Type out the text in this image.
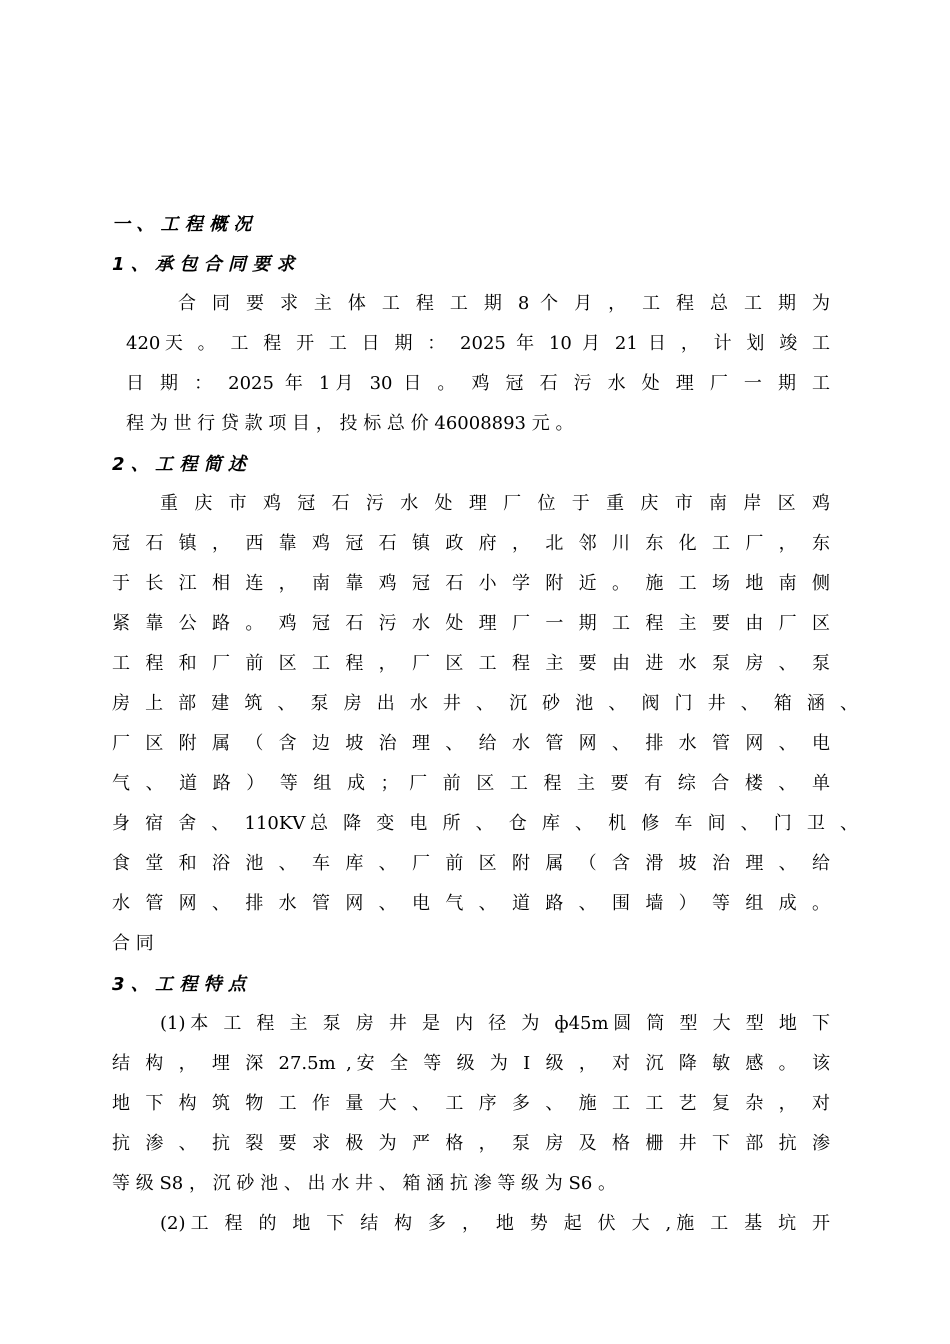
一 、 工 程 概 况
1 、 承 包 合 同 要 求
合 同 要 求 主 体 工 程 工 期 8 个 月 ， 工 程 总 工 期 为
420天 。 工 程 开 工 日 期 ： 2025 年 10 月 21 日 ， 计 划 竣 工
日 期 ： 2025 年 1月 30 日 。 鸡 冠 石 污 水 处 理 厂 一 期 工
程 为 世 行 贷 款 项 目 ， 投 标 总 价 46008893 元 。
2 、 工 程 简 述
重 庆 市 鸡 冠 石 污 水 处 理 厂 位 于 重 庆 市 南 岸 区 鸡
冠 石 镇 ， 西 靠 鸡 冠 石 镇 政 府 ， 北 邻 川 东 化 工 厂 ， 东
于 长 江 相 连 ， 南 靠 鸡 冠 石 小 学 附 近 。 施 工 场 地 南 侧
紧 靠 公 路 。 鸡 冠 石 污 水 处 理 厂 一 期 工 程 主 要 由 厂 区
工 程 和 厂 前 区 工 程 ， 厂 区 工 程 主 要 由 进 水 泵 房 、 泵
房 上 部 建 筑 、 泵 房 出 水 井 、 沉 砂 池 、 阀 门 井 、 箱 涵 、
厂 区 附 属 （ 含 边 坡 治 理 、 给 水 管 网 、 排 水 管 网 、 电
气 、 道 路 ） 等 组 成 ； 厂 前 区 工 程 主 要 有 综 合 楼 、 单
身 宿 舍 、 110KV总 降 变 电 所 、 仓 库 、 机 修 车 间 、 门 卫 、
食 堂 和 浴 池 、 车 库 、 厂 前 区 附 属 （ 含 滑 坡 治 理 、 给
水 管 网 、 排 水 管 网 、 电 气 、 道 路 、 围 墙 ） 等 组 成 。
合 同
3 、 工 程 特 点
(1)本 工 程 主 泵 房 井 是 内 径 为 ф45m圆 筒 型 大 型 地 下
结 构 ， 埋 深 27.5m ,安 全 等 级 为 Ⅰ 级 ， 对 沉 降 敏 感 。 该
地 下 构 筑 物 工 作 量 大 、 工 序 多 、 施 工 工 艺 复 杂 ， 对
抗 渗 、 抗 裂 要 求 极 为 严 格 ， 泵 房 及 格 栅 井 下 部 抗 渗
等 级 S8 ， 沉 砂 池 、 出 水 井 、 箱 涵 抗 渗 等 级 为 S6 。
(2)工 程 的 地 下 结 构 多 ， 地 势 起 伏 大 ,施 工 基 坑 开
